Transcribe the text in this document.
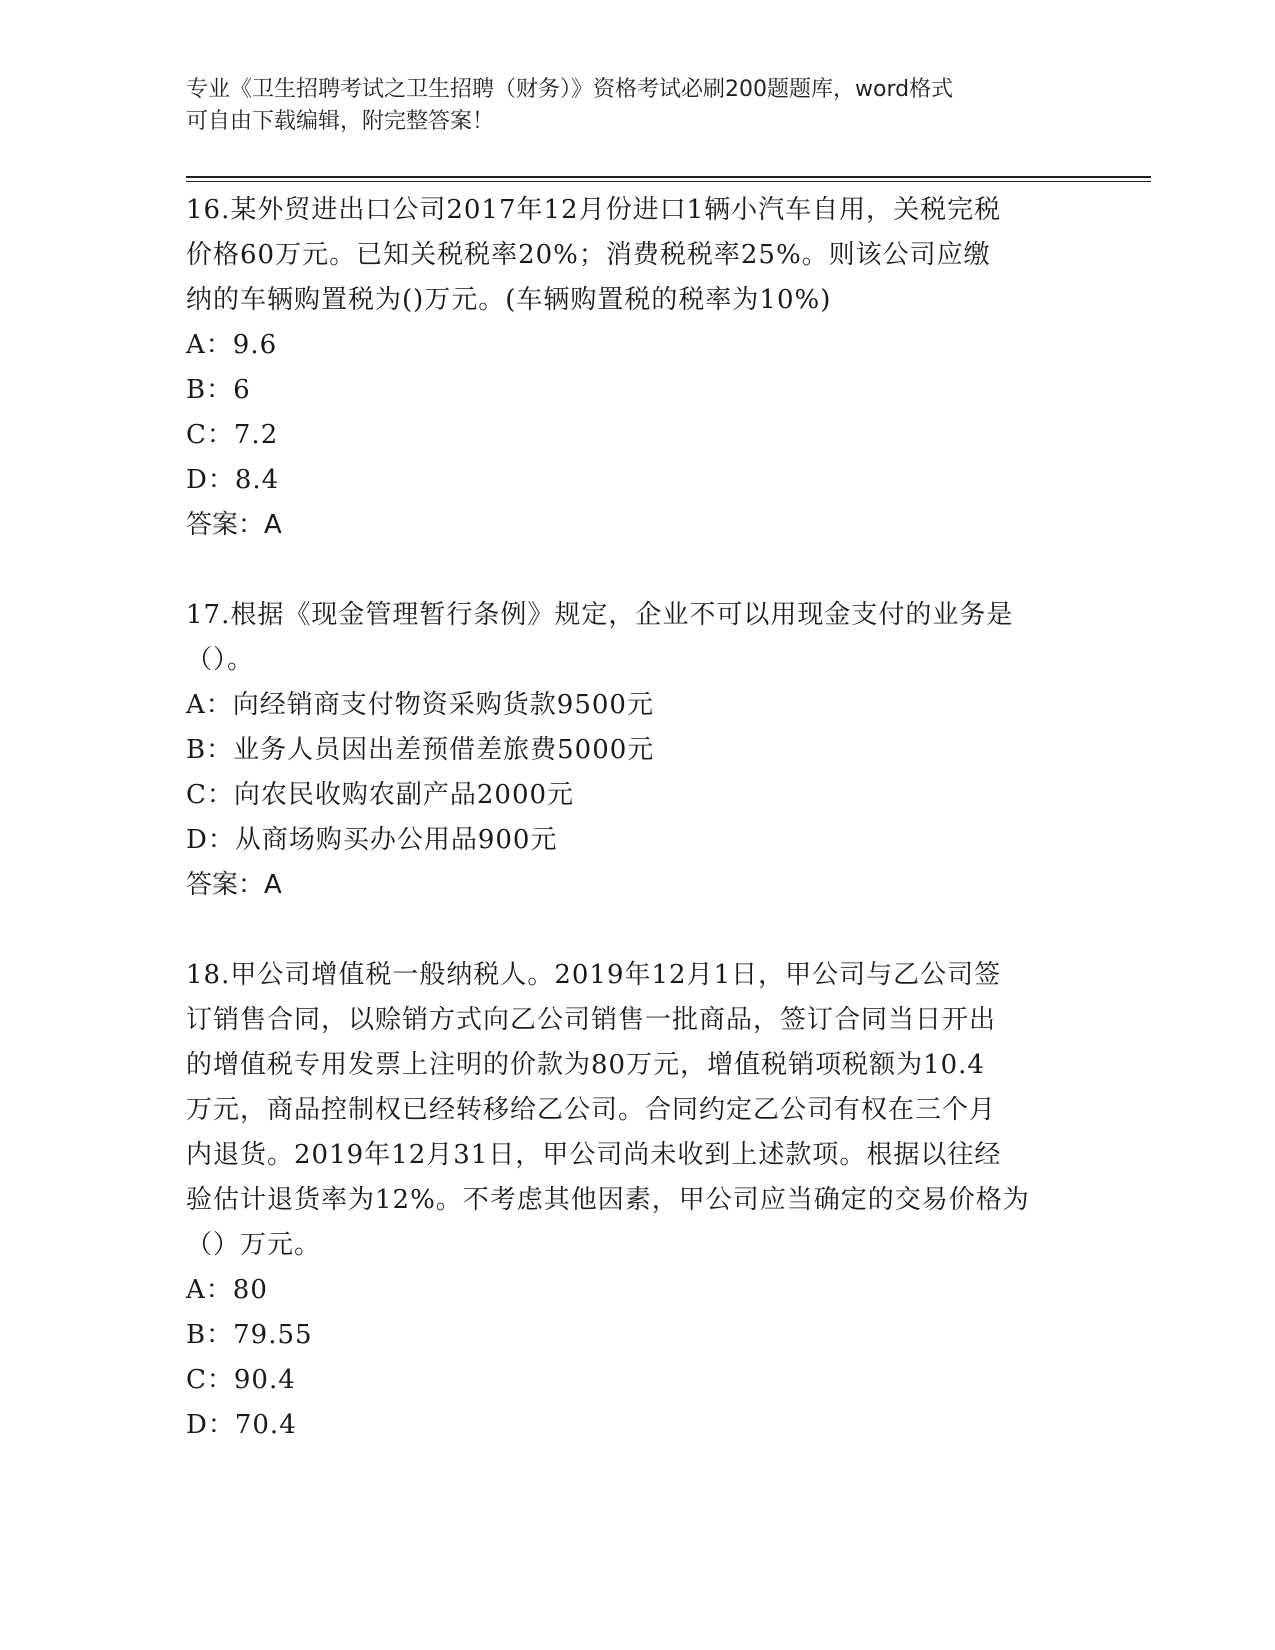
专业《卫生招聘考试之卫生招聘（财务）》资格考试必刷200题题库，word格式
可自由下载编辑，附完整答案！
16.某外贸进出口公司2017年12月份进口1辆小汽车自用，关税完税
价格60万元。已知关税税率20%；消费税税率25%。则该公司应缴
纳的车辆购置税为()万元。(车辆购置税的税率为10%)
A：9.6
B：6
C：7.2
D：8.4
答案：A
17.根据《现金管理暂行条例》规定，企业不可以用现金支付的业务是
（）。
A：向经销商支付物资采购货款9500元
B：业务人员因出差预借差旅费5000元
C：向农民收购农副产品2000元
D：从商场购买办公用品900元
答案：A
18.甲公司增值税一般纳税人。2019年12月1日，甲公司与乙公司签
订销售合同，以赊销方式向乙公司销售一批商品，签订合同当日开出
的增值税专用发票上注明的价款为80万元，增值税销项税额为10.4
万元，商品控制权已经转移给乙公司。合同约定乙公司有权在三个月
内退货。2019年12月31日，甲公司尚未收到上述款项。根据以往经
验估计退货率为12%。不考虑其他因素，甲公司应当确定的交易价格为
（）万元。
A：80
B：79.55
C：90.4
D：70.4
